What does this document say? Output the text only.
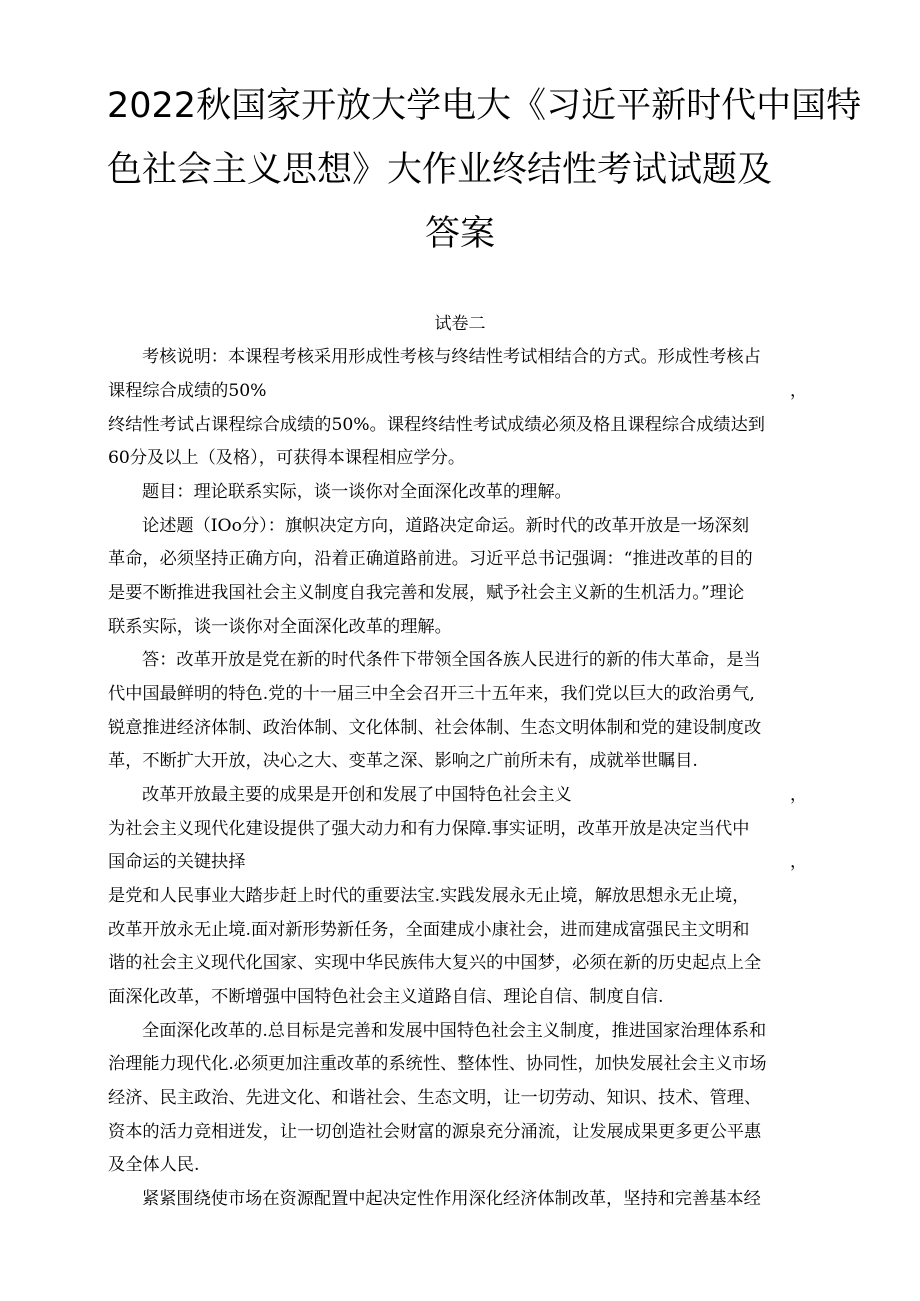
2022秋国家开放大学电大《习近平新时代中国特
色社会主义思想》大作业终结性考试试题及
答案
试卷二
考核说明：本课程考核采用形成性考核与终结性考试相结合的方式。形成性考核占
课程综合成绩的50%	，
终结性考试占课程综合成绩的50%。课程终结性考试成绩必须及格且课程综合成绩达到
60分及以上（及格），可获得本课程相应学分。
题目：理论联系实际，谈一谈你对全面深化改革的理解。
论述题（IOo分）：旗帜决定方向，道路决定命运。新时代的改革开放是一场深刻
革命，必须坚持正确方向，沿着正确道路前进。习近平总书记强调：“推进改革的目的
是要不断推进我国社会主义制度自我完善和发展，赋予社会主义新的生机活力。”理论
联系实际，谈一谈你对全面深化改革的理解。
答：改革开放是党在新的时代条件下带领全国各族人民进行的新的伟大革命，是当
代中国最鲜明的特色.党的十一届三中全会召开三十五年来，我们党以巨大的政治勇气,
锐意推进经济体制、政治体制、文化体制、社会体制、生态文明体制和党的建设制度改
革，不断扩大开放，决心之大、变革之深、影响之广前所未有，成就举世瞩目.
改革开放最主要的成果是开创和发展了中国特色社会主义	，
为社会主义现代化建设提供了强大动力和有力保障.事实证明，改革开放是决定当代中
国命运的关键抉择	，
是党和人民事业大踏步赶上时代的重要法宝.实践发展永无止境，解放思想永无止境，
改革开放永无止境.面对新形势新任务，全面建成小康社会，进而建成富强民主文明和
谐的社会主义现代化国家、实现中华民族伟大复兴的中国梦，必须在新的历史起点上全
面深化改革，不断增强中国特色社会主义道路自信、理论自信、制度自信.
全面深化改革的.总目标是完善和发展中国特色社会主义制度，推进国家治理体系和
治理能力现代化.必须更加注重改革的系统性、整体性、协同性，加快发展社会主义市场
经济、民主政治、先进文化、和谐社会、生态文明，让一切劳动、知识、技术、管理、
资本的活力竞相迸发，让一切创造社会财富的源泉充分涌流，让发展成果更多更公平惠
及全体人民.
紧紧围绕使市场在资源配置中起决定性作用深化经济体制改革，坚持和完善基本经
